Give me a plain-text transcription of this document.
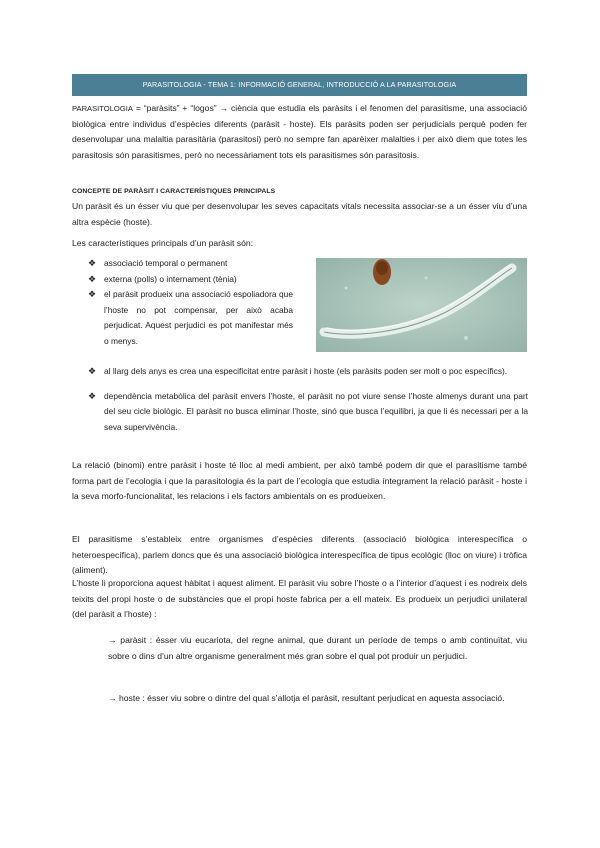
PARASITOLOGIA - TEMA 1: INFORMACIÓ GENERAL, INTRODUCCIÓ A LA PARASITOLOGIA
PARASITOLOGIA = “paràsits” + “logos” → ciència que estudia els paràsits i el fenomen del parasitisme, una associació biològica entre individus d’espècies diferents (paràsit - hoste). Els paràsits poden ser perjudicials perquè poden fer desenvolupar una malaltia parasitària (parasitosi) però no sempre fan aparèixer malalties i per això diem que totes les parasitosis són parasitismes, però no necessàriament tots els parasitismes són parasitosis.
CONCEPTE DE PARÀSIT I CARACTERÍSTIQUES PRINCIPALS
Un paràsit és un ésser viu que per desenvolupar les seves capacitats vitals necessita associar-se a un ésser viu d’una altra espècie (hoste).
Les característiques principals d’un paràsit són:
❖ associació temporal o permanent
❖ externa (polls) o internament (tènia)
❖ el paràsit produeix una associació espoliadora que l’hoste no pot compensar, per això acaba perjudicat. Aquest perjudici es pot manifestar més o menys.
❖ al llarg dels anys es crea una especificitat entre paràsit i hoste (els paràsits poden ser molt o poc específics).
❖ dependència metabòlica del paràsit envers l’hoste, el paràsit no pot viure sense l’hoste almenys durant una part del seu cicle biològic. El paràsit no busca eliminar l’hoste, sinó que busca l’equilibri, ja que li és necessari per a la seva supervivència.
La relació (binomi) entre paràsit i hoste té lloc al medi ambient, per això també podem dir que el parasitisme també forma part de l’ecologia i que la parasitologia és la part de l’ecologia que estudia íntegrament la relació paràsit - hoste i la seva morfo-funcionalitat, les relacions i els factors ambientals on es produeixen.
El parasitisme s’estableix entre organismes d’espècies diferents (associació biològica interespecífica o heteroespecífica), parlem doncs que és una associació biològica interespecífica de tipus ecològic (lloc on viure) i tròfica (aliment).
L’hoste li proporciona aquest hàbitat i aquest aliment. El paràsit viu sobre l’hoste o a l’interior d’aquest i es nodreix dels teixits del propi hoste o de substàncies que el propi hoste fabrica per a ell mateix. Es produeix un perjudici unilateral (del paràsit a l’hoste) :
→ paràsit : ésser viu eucariota, del regne animal, que durant un període de temps o amb continuïtat, viu sobre o dins d’un altre organisme generalment més gran sobre el qual pot produir un perjudici.
→ hoste : ésser viu sobre o dintre del qual s’allotja el paràsit, resultant perjudicat en aquesta associació.
